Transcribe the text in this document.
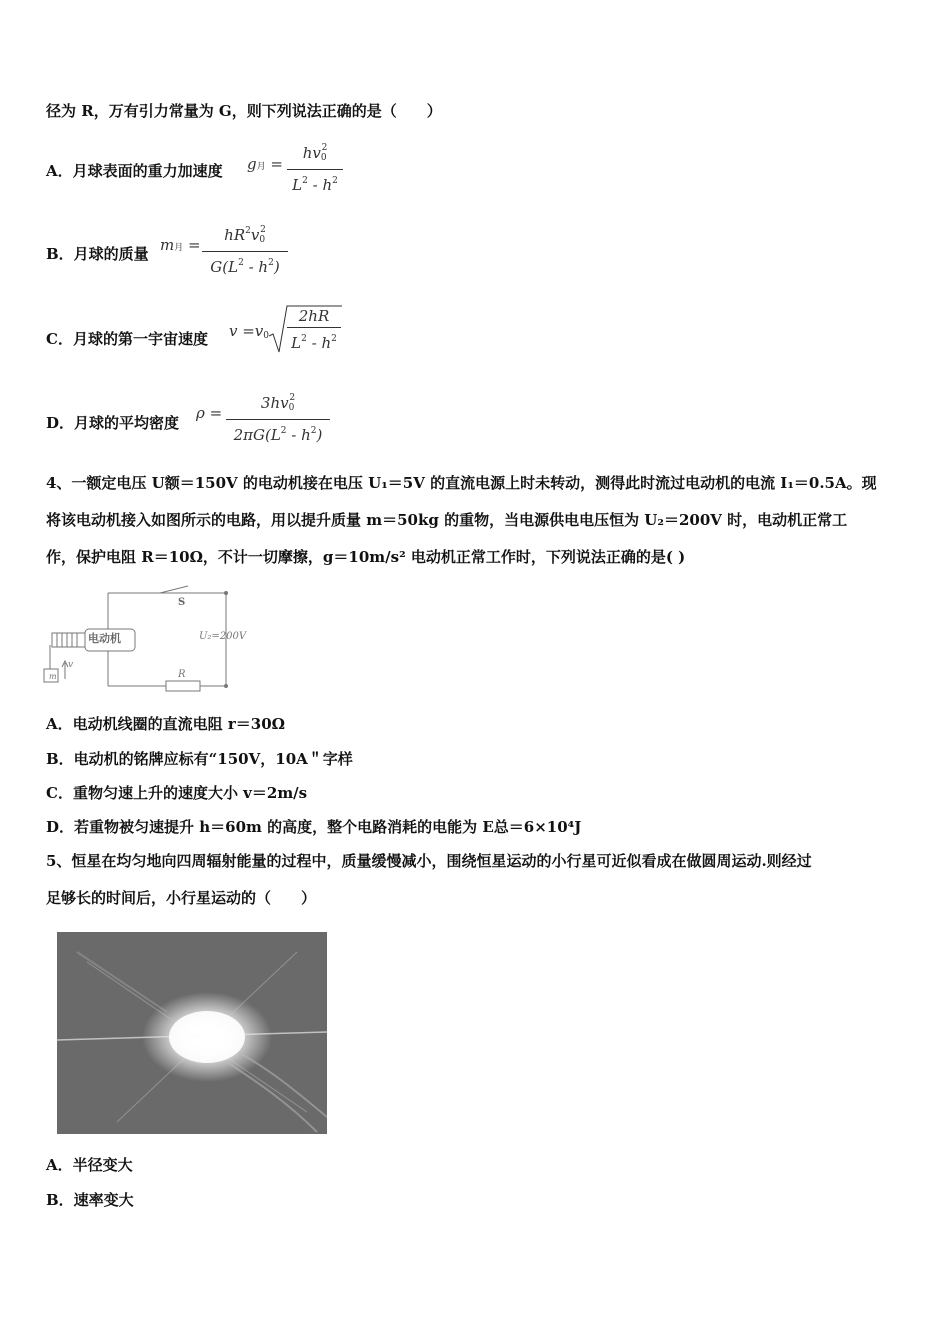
径为 R，万有引力常量为 G，则下列说法正确的是（　　）
A．月球表面的重力加速度 g月 =
$hv0^2$
$L^2 - h^2$
B．月球的质量 m月 =
$hR^2v0^2$
$G(L^2 - h^2)$
C．月球的第一宇宙速度 v =v0
2hR
$L^2 - h^2$
D．月球的平均密度
ρ =
$3hv0^2$
$2\pi G(L^2 - h^2)$
4、一额定电压 U额＝150V 的电动机接在电压 U₁＝5V 的直流电源上时未转动，测得此时流过电动机的电流 I₁＝0.5A。现
将该电动机接入如图所示的电路，用以提升质量 m＝50kg 的重物，当电源供电电压恒为 U₂＝200V 时，电动机正常工
作，保护电阻 R＝10Ω，不计一切摩擦，g＝10m/s² 电动机正常工作时，下列说法正确的是( )
电动机
S
U₂=200V
R
m
v
A．电动机线圈的直流电阻 r＝30Ω
B．电动机的铭牌应标有“150V，10A＂字样
C．重物匀速上升的速度大小 v＝2m/s
D．若重物被匀速提升 h＝60m 的高度，整个电路消耗的电能为 E总＝6×10⁴J
5、恒星在均匀地向四周辐射能量的过程中，质量缓慢减小，围绕恒星运动的小行星可近似看成在做圆周运动.则经过
足够长的时间后，小行星运动的（　　）
A．半径变大
B．速率变大
